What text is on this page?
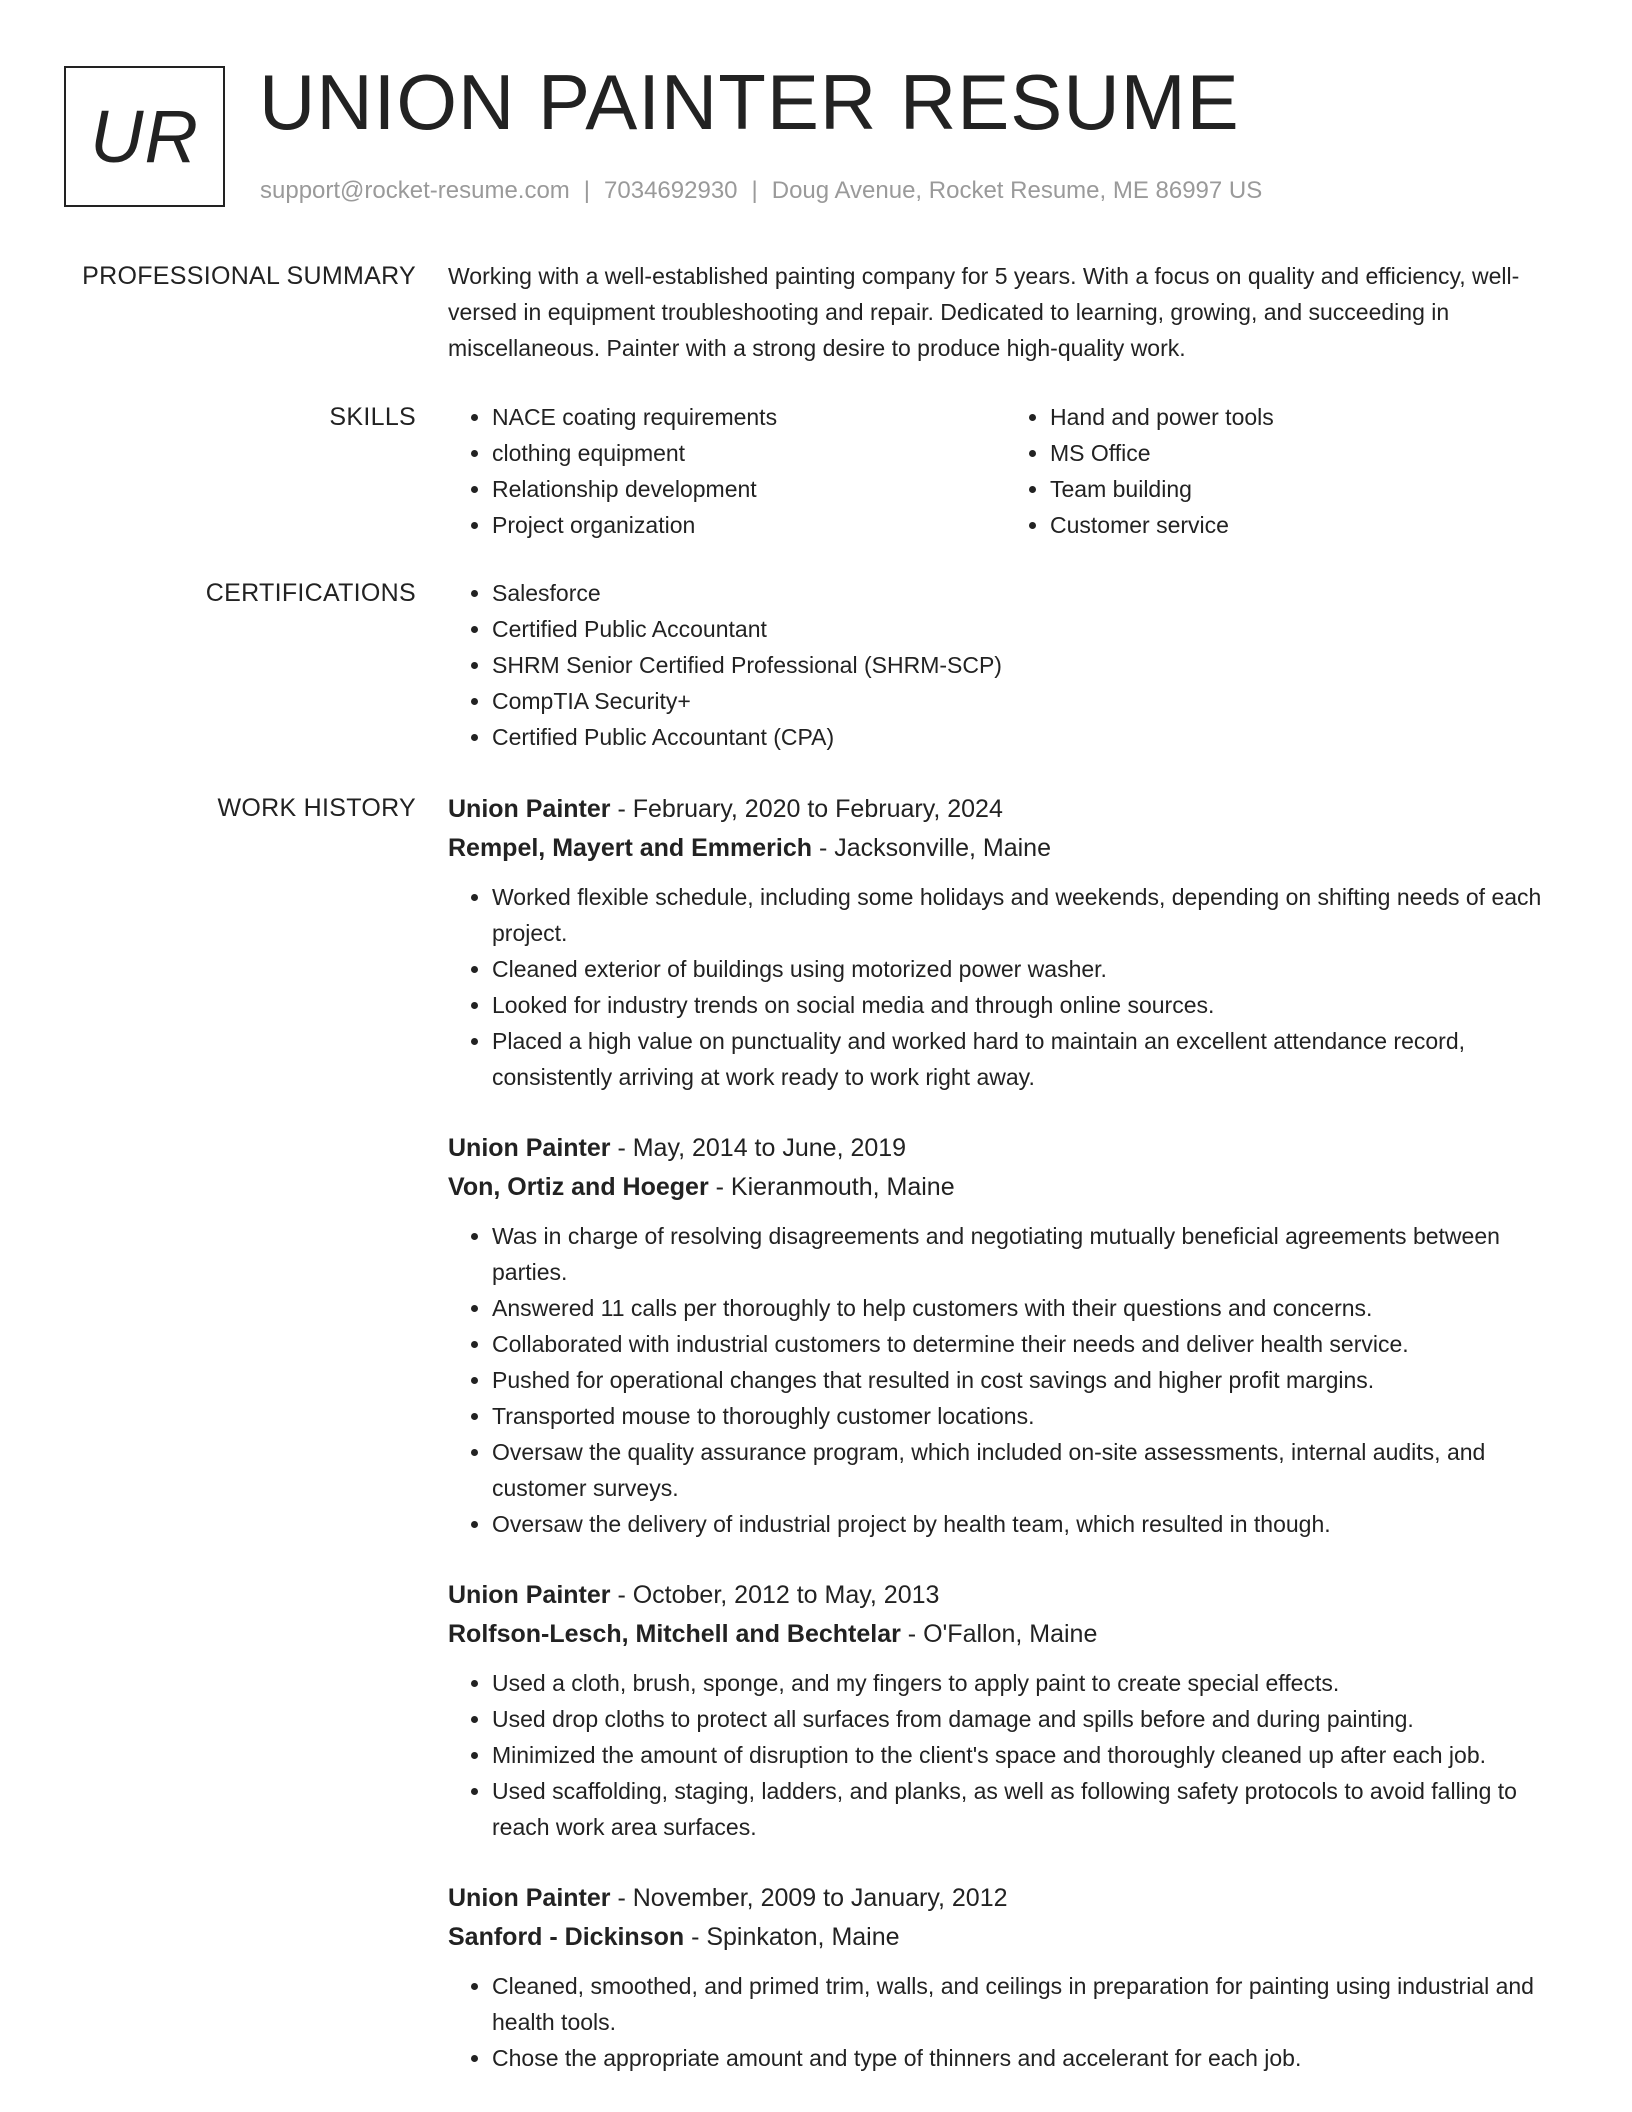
UR UNION PAINTER RESUME
support@rocket-resume.com | 7034692930 | Doug Avenue, Rocket Resume, ME 86997 US
PROFESSIONAL SUMMARY Working with a well-established painting company for 5 years. With a focus on quality and efficiency, well-versed in equipment troubleshooting and repair. Dedicated to learning, growing, and succeeding in miscellaneous. Painter with a strong desire to produce high-quality work.

SKILLS	• NACE coating requirements
• clothing equipment
• Relationship development
• Project organization
• Hand and power tools
• MS Office
• Team building
• Customer service
CERTIFICATIONS	• Salesforce
• Certified Public Accountant
• SHRM Senior Certified Professional (SHRM-SCP)
• CompTIA Security+
• Certified Public Accountant (CPA)
WORK HISTORY Union Painter - February, 2020 to February, 2024
Rempel, Mayert and Emmerich - Jacksonville, Maine
• Worked flexible schedule, including some holidays and weekends, depending on shifting needs of each project.
• Cleaned exterior of buildings using motorized power washer.
• Looked for industry trends on social media and through online sources.
• Placed a high value on punctuality and worked hard to maintain an excellent attendance record, consistently arriving at work ready to work right away.
Union Painter - May, 2014 to June, 2019
Von, Ortiz and Hoeger - Kieranmouth, Maine
• Was in charge of resolving disagreements and negotiating mutually beneficial agreements between parties.
• Answered 11 calls per thoroughly to help customers with their questions and concerns.
• Collaborated with industrial customers to determine their needs and deliver health service.
• Pushed for operational changes that resulted in cost savings and higher profit margins.
• Transported mouse to thoroughly customer locations.
• Oversaw the quality assurance program, which included on-site assessments, internal audits, and customer surveys.
• Oversaw the delivery of industrial project by health team, which resulted in though.
Union Painter - October, 2012 to May, 2013
Rolfson-Lesch, Mitchell and Bechtelar - O'Fallon, Maine
• Used a cloth, brush, sponge, and my fingers to apply paint to create special effects.
• Used drop cloths to protect all surfaces from damage and spills before and during painting.
• Minimized the amount of disruption to the client's space and thoroughly cleaned up after each job.
• Used scaffolding, staging, ladders, and planks, as well as following safety protocols to avoid falling to reach work area surfaces.
Union Painter - November, 2009 to January, 2012
Sanford - Dickinson - Spinkaton, Maine
• Cleaned, smoothed, and primed trim, walls, and ceilings in preparation for painting using industrial and health tools.
• Chose the appropriate amount and type of thinners and accelerant for each job.
